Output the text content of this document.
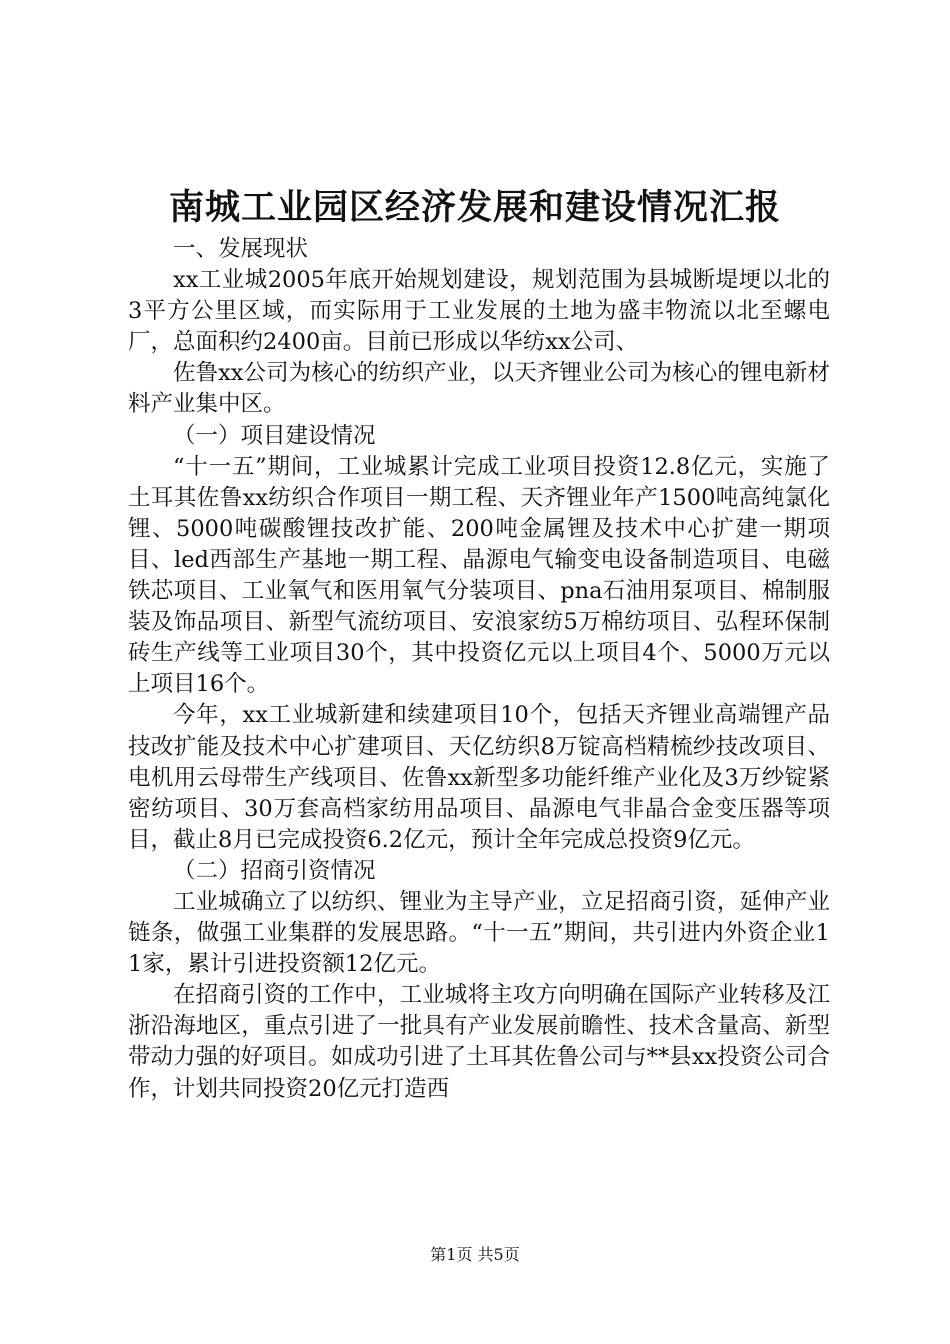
南城工业园区经济发展和建设情况汇报

一、发展现状

xx工业城2005年底开始规划建设，规划范围为县城断堤埂以北的3平方公里区域，而实际用于工业发展的土地为盛丰物流以北至螺电厂，总面积约2400亩。目前已形成以华纺xx公司、

佐鲁xx公司为核心的纺织产业，以天齐锂业公司为核心的锂电新材料产业集中区。

（一）项目建设情况

“十一五”期间，工业城累计完成工业项目投资12.8亿元，实施了土耳其佐鲁xx纺织合作项目一期工程、天齐锂业年产1500吨高纯氯化锂、5000吨碳酸锂技改扩能、200吨金属锂及技术中心扩建一期项目、led西部生产基地一期工程、晶源电气输变电设备制造项目、电磁铁芯项目、工业氧气和医用氧气分装项目、pna石油用泵项目、棉制服装及饰品项目、新型气流纺项目、安浪家纺5万棉纺项目、弘程环保制砖生产线等工业项目30个，其中投资亿元以上项目4个、5000万元以上项目16个。

今年，xx工业城新建和续建项目10个，包括天齐锂业高端锂产品技改扩能及技术中心扩建项目、天亿纺织8万锭高档精梳纱技改项目、电机用云母带生产线项目、佐鲁xx新型多功能纤维产业化及3万纱锭紧密纺项目、30万套高档家纺用品项目、晶源电气非晶合金变压器等项目，截止8月已完成投资6.2亿元，预计全年完成总投资9亿元。

（二）招商引资情况

工业城确立了以纺织、锂业为主导产业，立足招商引资，延伸产业链条，做强工业集群的发展思路。“十一五”期间，共引进内外资企业11家，累计引进投资额12亿元。

在招商引资的工作中，工业城将主攻方向明确在国际产业转移及江浙沿海地区，重点引进了一批具有产业发展前瞻性、技术含量高、新型带动力强的好项目。如成功引进了土耳其佐鲁公司与**县xx投资公司合作，计划共同投资20亿元打造西

第1页 共5页
